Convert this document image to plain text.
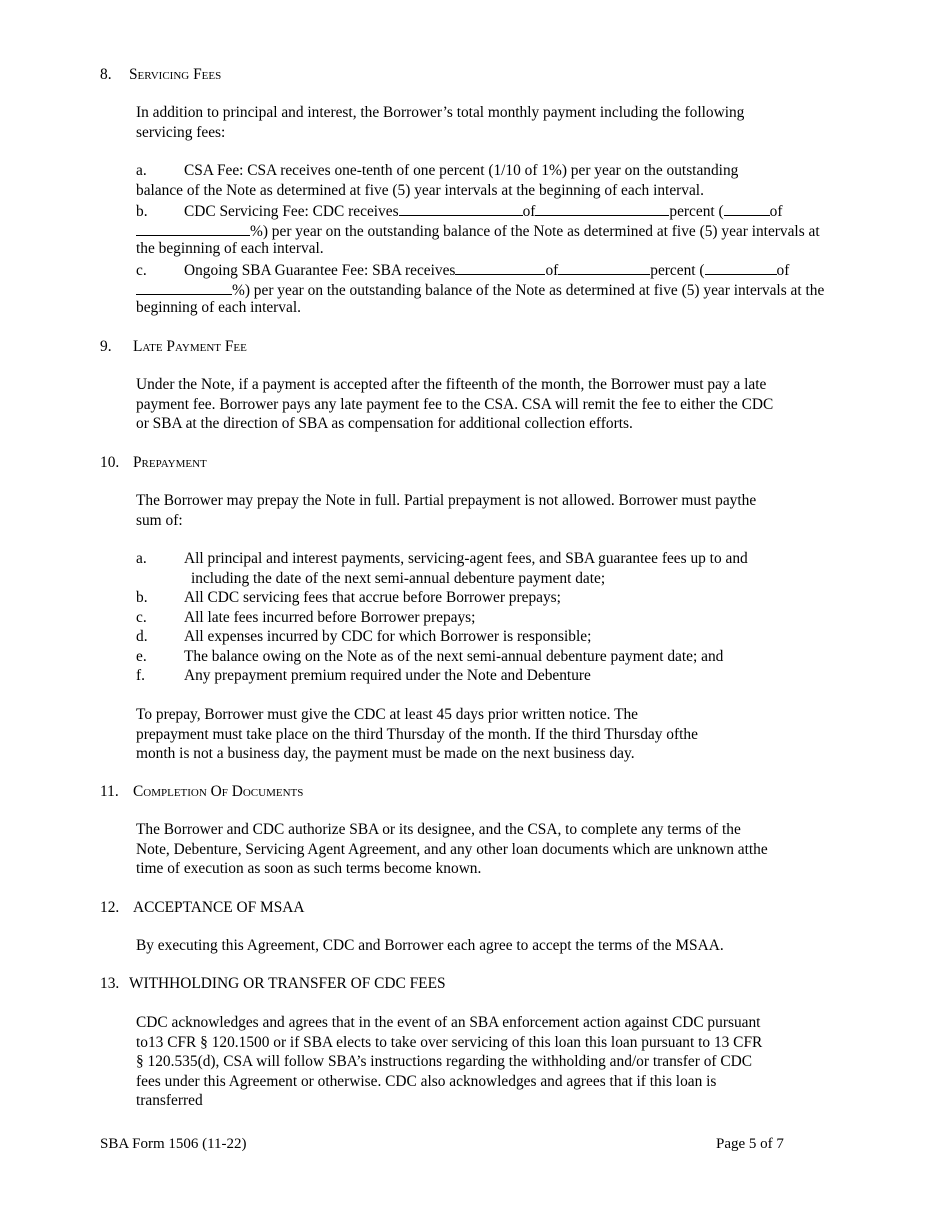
8. Servicing Fees
In addition to principal and interest, the Borrower’s total monthly payment including the following
servicing fees:
a. CSA Fee: CSA receives one-tenth of one percent (1/10 of 1%) per year on the outstanding
balance of the Note as determined at five (5) year intervals at the beginning of each interval.
b. CDC Servicing Fee: CDC receives	of	percent (	of
%) per year on the outstanding balance of the Note as determined at five (5) year intervals at
the beginning of each interval.
c. Ongoing SBA Guarantee Fee: SBA receives	of	percent (	of
%) per year on the outstanding balance of the Note as determined at five (5) year intervals at the
beginning of each interval.
9. Late Payment Fee
Under the Note, if a payment is accepted after the fifteenth of the month, the Borrower must pay a late
payment fee. Borrower pays any late payment fee to the CSA. CSA will remit the fee to either the CDC
or SBA at the direction of SBA as compensation for additional collection efforts.
10. Prepayment
The Borrower may prepay the Note in full. Partial prepayment is not allowed. Borrower must paythe
sum of:
a. All principal and interest payments, servicing-agent fees, and SBA guarantee fees up to and
including the date of the next semi-annual debenture payment date;
b. All CDC servicing fees that accrue before Borrower prepays;
c. All late fees incurred before Borrower prepays;
d. All expenses incurred by CDC for which Borrower is responsible;
e. The balance owing on the Note as of the next semi-annual debenture payment date; and
f.	Any prepayment premium required under the Note and Debenture
To prepay, Borrower must give the CDC at least 45 days prior written notice. The
prepayment must take place on the third Thursday of the month. If the third Thursday ofthe
month is not a business day, the payment must be made on the next business day.
11. Completion Of Documents
The Borrower and CDC authorize SBA or its designee, and the CSA, to complete any terms of the
Note, Debenture, Servicing Agent Agreement, and any other loan documents which are unknown atthe
time of execution as soon as such terms become known.
12. ACCEPTANCE OF MSAA
By executing this Agreement, CDC and Borrower each agree to accept the terms of the MSAA.
13. WITHHOLDING OR TRANSFER OF CDC FEES
CDC acknowledges and agrees that in the event of an SBA enforcement action against CDC pursuant
to13 CFR § 120.1500 or if SBA elects to take over servicing of this loan this loan pursuant to 13 CFR
§ 120.535(d), CSA will follow SBA’s instructions regarding the withholding and/or transfer of CDC
fees under this Agreement or otherwise. CDC also acknowledges and agrees that if this loan is
transferred
SBA Form 1506 (11-22)	Page 5 of 7
